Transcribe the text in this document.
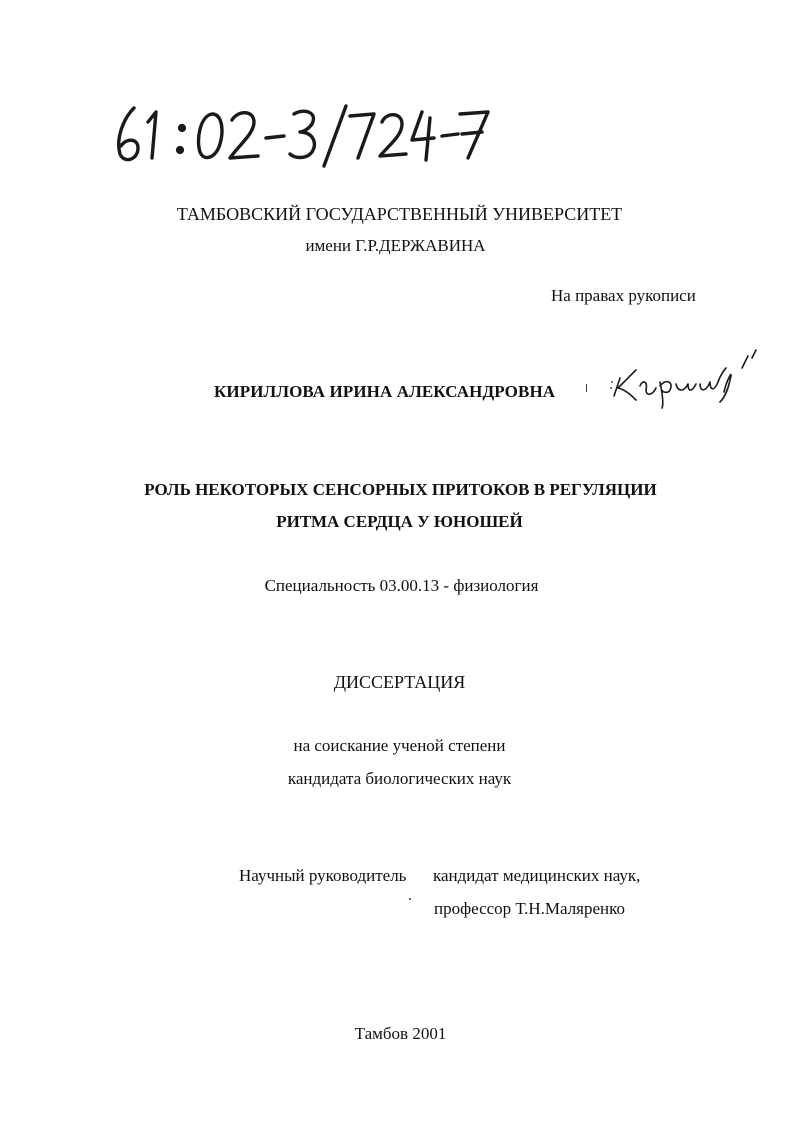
ТАМБОВСКИЙ ГОСУДАРСТВЕННЫЙ УНИВЕРСИТЕТ
имени Г.Р.ДЕРЖАВИНА
На правах рукописи
КИРИЛЛОВА ИРИНА АЛЕКСАНДРОВНА
РОЛЬ НЕКОТОРЫХ СЕНСОРНЫХ ПРИТОКОВ В РЕГУЛЯЦИИ
РИТМА СЕРДЦА У ЮНОШЕЙ
Специальность 03.00.13 - физиология
ДИССЕРТАЦИЯ
на соискание ученой степени
кандидата биологических наук
Научный руководитель кандидат медицинских наук,
профессор Т.Н.Маляренко
Тамбов 2001
